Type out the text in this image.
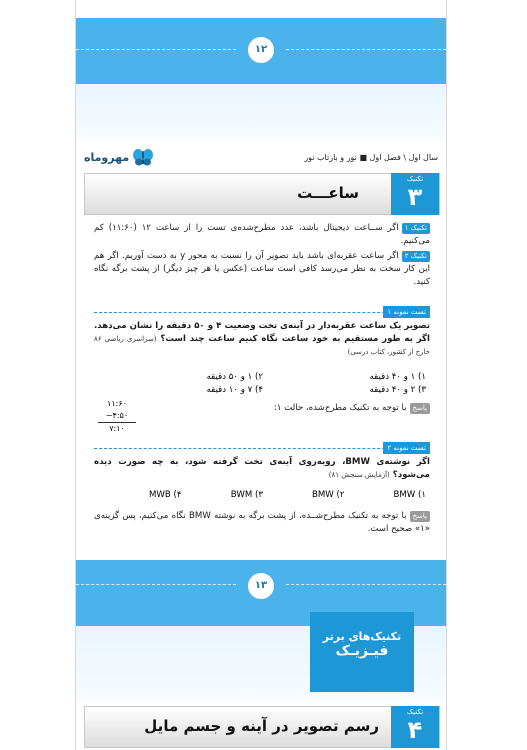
۱۲
سال اول \ فصل اول ■ نور و بازتاب نور
مهروماه
تکنیک
۳
ساعـــت
تکنیک ۱اگر ســاعت دیجیتال باشد، عدد مطرح‌شده‌ی تست را از ساعت ۱۲ (۱۱:۶۰) کم می‌کنیم.
تکنیک ۲اگر ساعت عقربه‌ای باشد باید تصویر آن را نسبت به محور y به دست آوریم. اگر هم این کار سخت به نظر می‌رسد کافی است ساعت (عکس یا هر چیز دیگر) از پشت برگه نگاه کنید.
تست نمونه ۱
تصویر یک ساعت عقربه‌دار در آینه‌ی تخت وضعیت ۴ و ۵۰ دقیقه را نشان می‌دهد. اگر به طور مستقیم به خود ساعت نگاه کنیم ساعت چند است؟ (سراسری ریاضی ۸۶ خارج از کشور، کتاب درسی)
۱) ۱ و ۴۰ دقیقه
۲) ۱ و ۵۰ دقیقه
۳) ۲ و ۴۰ دقیقه
۴) ۷ و ۱۰ دقیقه
پاسخبا توجه به تکنیک مطرح‌شده، حالت ۱:
۱۱:۶۰
−۴:۵۰
۷:۱۰
تست نمونه ۲
اگر نوشته‌ی BMW، روبه‌روی آینه‌ی تخت گرفته شود، به چه صورت دیده می‌شود؟ (آزمایش سنجش ۸۱)
۱) BMW
۲) BMW
۳) BWM
۴) MWB
پاسخبا توجه به تکنیک مطرح‌شــده، از پشت برگه به نوشته BMW نگاه می‌کنیم، پس گزینه‌ی «۱» صحیح است.
۱۳
تکنیک‌های برتر
فیـزیـک
تکنیک
۴
رسم تصویر در آینه و جسم مایل
